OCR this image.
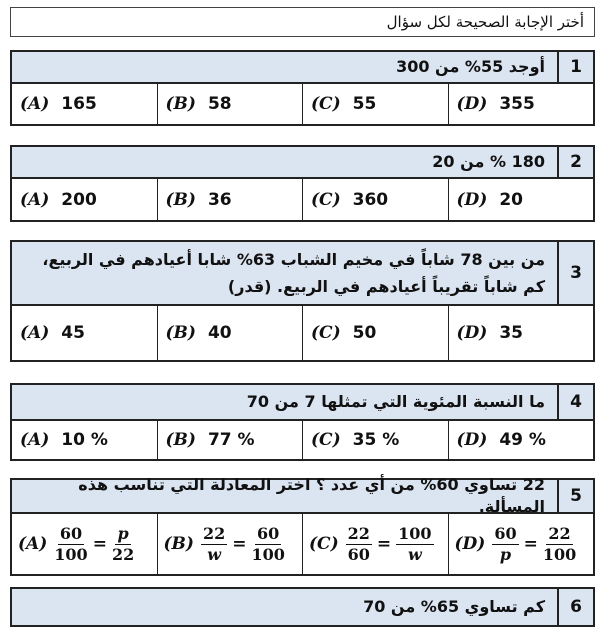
أختر الإجابة الصحيحة لكل سؤال
1
أوجد 55% من 300
(A) 165	(B) 58	(C) 55	(D) 355
2
180 % من 20
(A) 200	(B) 36	(C) 360	(D) 20
3
من بين 78 شاباً في مخيم الشباب 63% شابا أعيادهم في الربيع، كم شاباً تقريباً أعيادهم في الربيع. (قدر)
(A) 45	(B) 40	(C) 50	(D) 35
4
ما النسبة المئوية التي تمثلها 7 من 70
(A) 10 %	(B) 77 %	(C) 35 %	(D) 49 %
5
22 تساوي 60% من أي عدد ؟ اختر المعادلة التي تناسب هذه المسألة.
$(A) \frac{60}{100} = \frac{p}{22} (B) \frac{22}{w} = \frac{60}{100} (C) \frac{22}{60} = \frac{100}{w} (D) \frac{60}{p} = \frac{22}{100}$
6
كم تساوي 65% من 70
